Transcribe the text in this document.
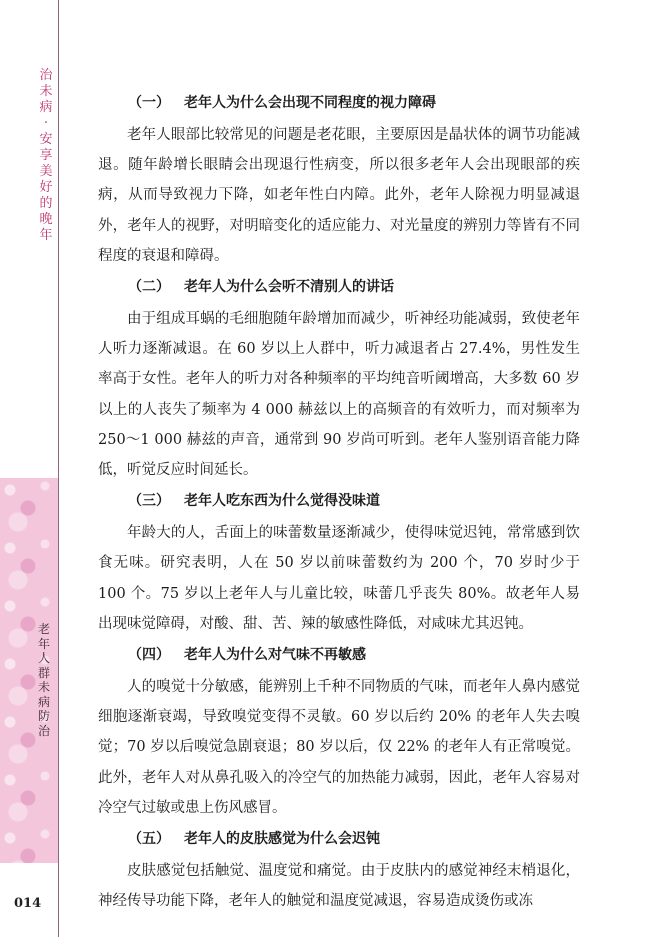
治未病·安享美好的晚年
老年人群未病防治
014
（一） 老年人为什么会出现不同程度的视力障碍

老年人眼部比较常见的问题是老花眼，主要原因是晶状体的调节功能减退。随年龄增长眼睛会出现退行性病变，所以很多老年人会出现眼部的疾病，从而导致视力下降，如老年性白内障。此外，老年人除视力明显减退外，老年人的视野，对明暗变化的适应能力、对光量度的辨别力等皆有不同程度的衰退和障碍。

（二） 老年人为什么会听不清别人的讲话

由于组成耳蜗的毛细胞随年龄增加而减少，听神经功能减弱，致使老年人听力逐渐减退。在 60 岁以上人群中，听力减退者占 27.4%，男性发生率高于女性。老年人的听力对各种频率的平均纯音听阈增高，大多数 60 岁以上的人丧失了频率为 4 000 赫兹以上的高频音的有效听力，而对频率为 250～1 000 赫兹的声音，通常到 90 岁尚可听到。老年人鉴别语音能力降低，听觉反应时间延长。

（三） 老年人吃东西为什么觉得没味道

年龄大的人，舌面上的味蕾数量逐渐减少，使得味觉迟钝，常常感到饮食无味。研究表明，人在 50 岁以前味蕾数约为 200 个，70 岁时少于 100 个。75 岁以上老年人与儿童比较，味蕾几乎丧失 80%。故老年人易出现味觉障碍，对酸、甜、苦、辣的敏感性降低，对咸味尤其迟钝。

（四） 老年人为什么对气味不再敏感

人的嗅觉十分敏感，能辨别上千种不同物质的气味，而老年人鼻内感觉细胞逐渐衰竭，导致嗅觉变得不灵敏。60 岁以后约 20% 的老年人失去嗅觉；70 岁以后嗅觉急剧衰退；80 岁以后，仅 22% 的老年人有正常嗅觉。此外，老年人对从鼻孔吸入的冷空气的加热能力减弱，因此，老年人容易对冷空气过敏或患上伤风感冒。

（五） 老年人的皮肤感觉为什么会迟钝

皮肤感觉包括触觉、温度觉和痛觉。由于皮肤内的感觉神经末梢退化，神经传导功能下降，老年人的触觉和温度觉减退，容易造成烫伤或冻
